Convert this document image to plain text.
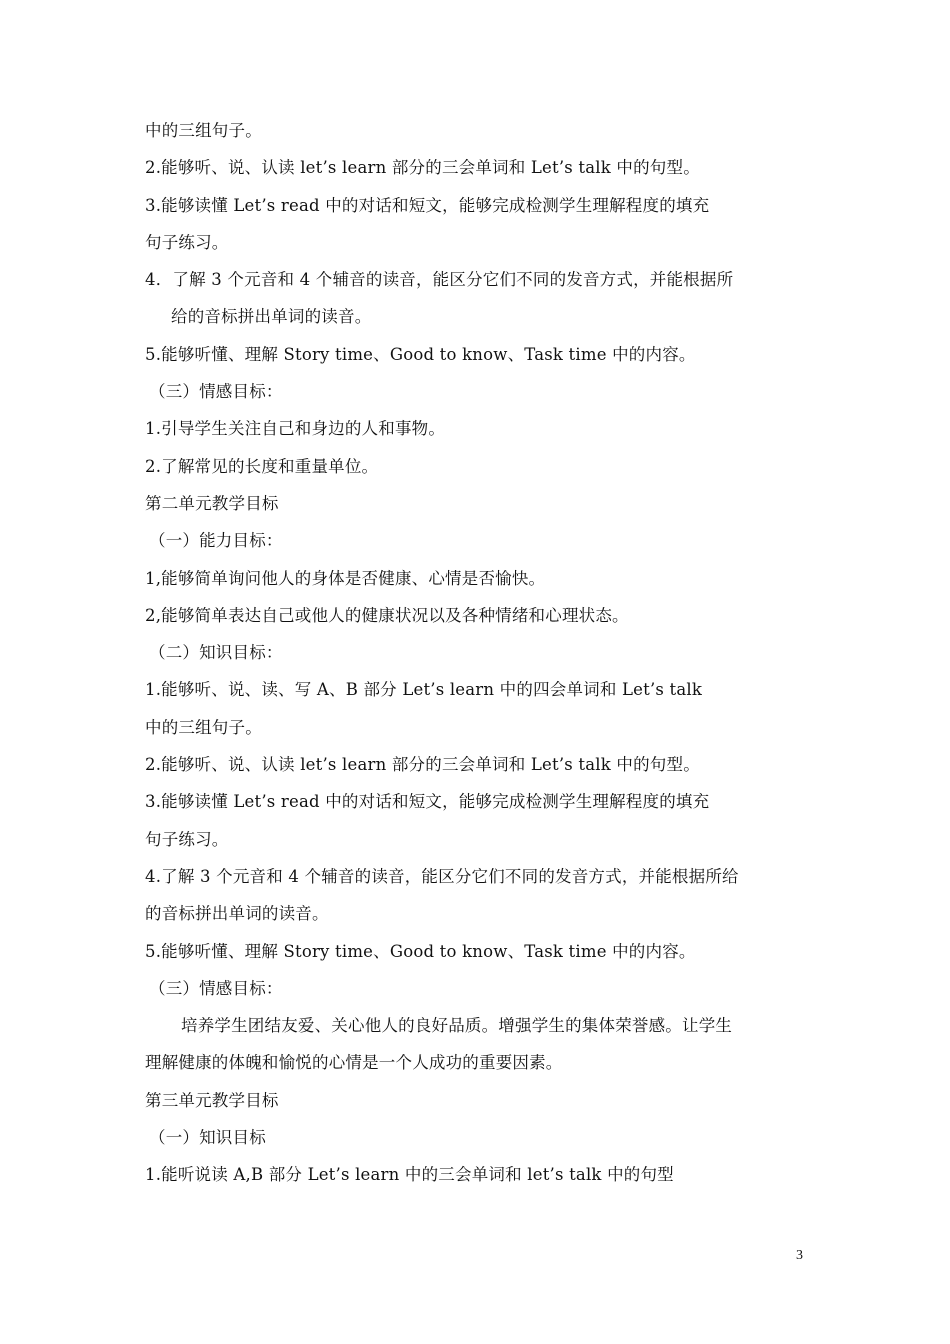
中的三组句子。
2.能够听、说、认读 let’s learn 部分的三会单词和 Let’s talk 中的句型。
3.能够读懂 Let’s read 中的对话和短文，能够完成检测学生理解程度的填充
句子练习。
4．了解 3 个元音和 4 个辅音的读音，能区分它们不同的发音方式，并能根据所
给的音标拼出单词的读音。
5.能够听懂、理解 Story time、Good to know、Task time 中的内容。
（三）情感目标：
1.引导学生关注自己和身边的人和事物。
2.了解常见的长度和重量单位。
第二单元教学目标
（一）能力目标：
1,能够简单询问他人的身体是否健康、心情是否愉快。
2,能够简单表达自己或他人的健康状况以及各种情绪和心理状态。
（二）知识目标：
1.能够听、说、读、写 A、B 部分 Let’s learn 中的四会单词和 Let’s talk
中的三组句子。
2.能够听、说、认读 let’s learn 部分的三会单词和 Let’s talk 中的句型。
3.能够读懂 Let’s read 中的对话和短文，能够完成检测学生理解程度的填充
句子练习。
4.了解 3 个元音和 4 个辅音的读音，能区分它们不同的发音方式，并能根据所给
的音标拼出单词的读音。
5.能够听懂、理解 Story time、Good to know、Task time 中的内容。
（三）情感目标：
培养学生团结友爱、关心他人的良好品质。增强学生的集体荣誉感。让学生
理解健康的体魄和愉悦的心情是一个人成功的重要因素。
第三单元教学目标
（一）知识目标
1.能听说读 A,B 部分 Let’s learn 中的三会单词和 let’s talk 中的句型
3
